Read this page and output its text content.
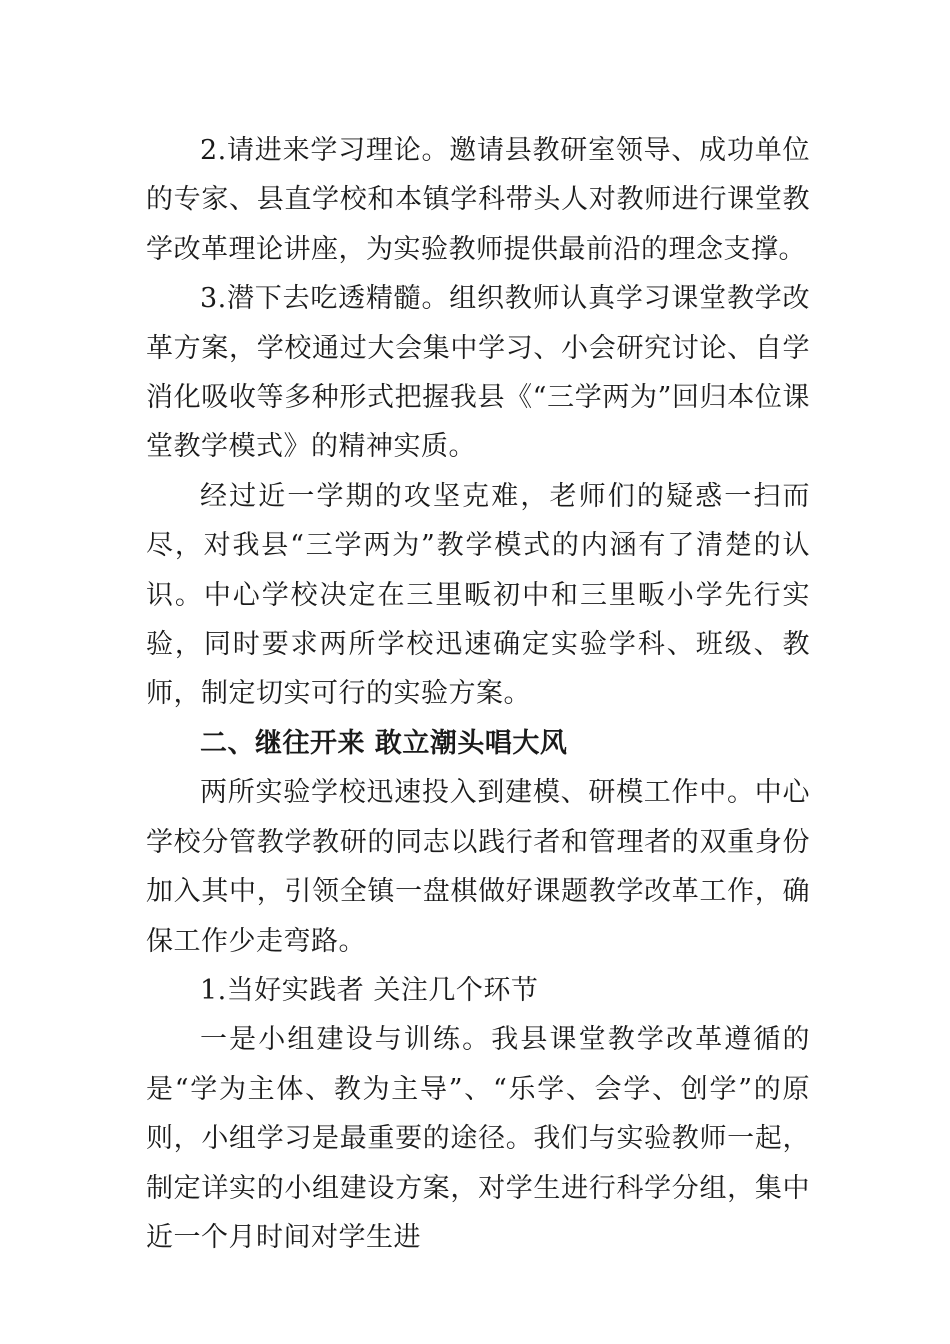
2.请进来学习理论。邀请县教研室领导、成功单位的专家、县直学校和本镇学科带头人对教师进行课堂教学改革理论讲座，为实验教师提供最前沿的理念支撑。

3.潜下去吃透精髓。组织教师认真学习课堂教学改革方案，学校通过大会集中学习、小会研究讨论、自学消化吸收等多种形式把握我县《“三学两为”回归本位课堂教学模式》的精神实质。

经过近一学期的攻坚克难，老师们的疑惑一扫而尽，对我县“三学两为”教学模式的内涵有了清楚的认识。中心学校决定在三里畈初中和三里畈小学先行实验，同时要求两所学校迅速确定实验学科、班级、教师，制定切实可行的实验方案。

二、继往开来 敢立潮头唱大风

两所实验学校迅速投入到建模、研模工作中。中心学校分管教学教研的同志以践行者和管理者的双重身份加入其中，引领全镇一盘棋做好课题教学改革工作，确保工作少走弯路。

1.当好实践者 关注几个环节

一是小组建设与训练。我县课堂教学改革遵循的是“学为主体、教为主导”、“乐学、会学、创学”的原则，小组学习是最重要的途径。我们与实验教师一起，制定详实的小组建设方案，对学生进行科学分组，集中近一个月时间对学生进
